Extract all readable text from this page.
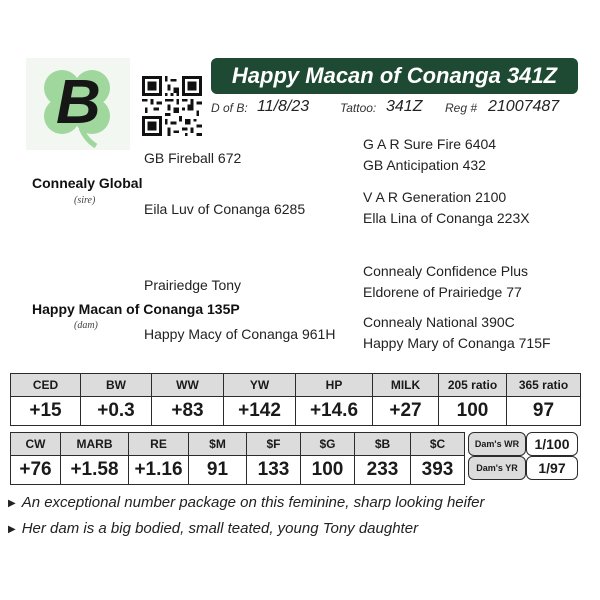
B	Happy Macan of Conanga 341Z
D of B: 11/8/23	Tattoo: 341Z Reg # 21007487
G A R Sure Fire 6404
GB Fireball 672	GB Anticipation 432
Connealy Global
(sire)	V A R Generation 2100
Eila Luv of Conanga 6285
Ella Lina of Conanga 223X
Connealy Confidence Plus
Prairiedge Tony	Eldorene of Prairiedge 77
Happy Macan of Conanga 135P
(dam)	Connealy National 390C
Happy Macy of Conanga 961H
Happy Mary of Conanga 715F
CED	BW	WW	YW	HP	MILK	205 ratio	365 ratio
+15	+0.3	+83	+142	+14.6	+27	100	97
CW	MARB	RE	$M	$F	$G	$B	$C
+76	+1.58	+1.16	91	133	100	233	393
Dam's WR	1/100
Dam's YR	1/97
▶ An exceptional number package on this feminine, sharp looking heifer
▶ Her dam is a big bodied, small teated, young Tony daughter
